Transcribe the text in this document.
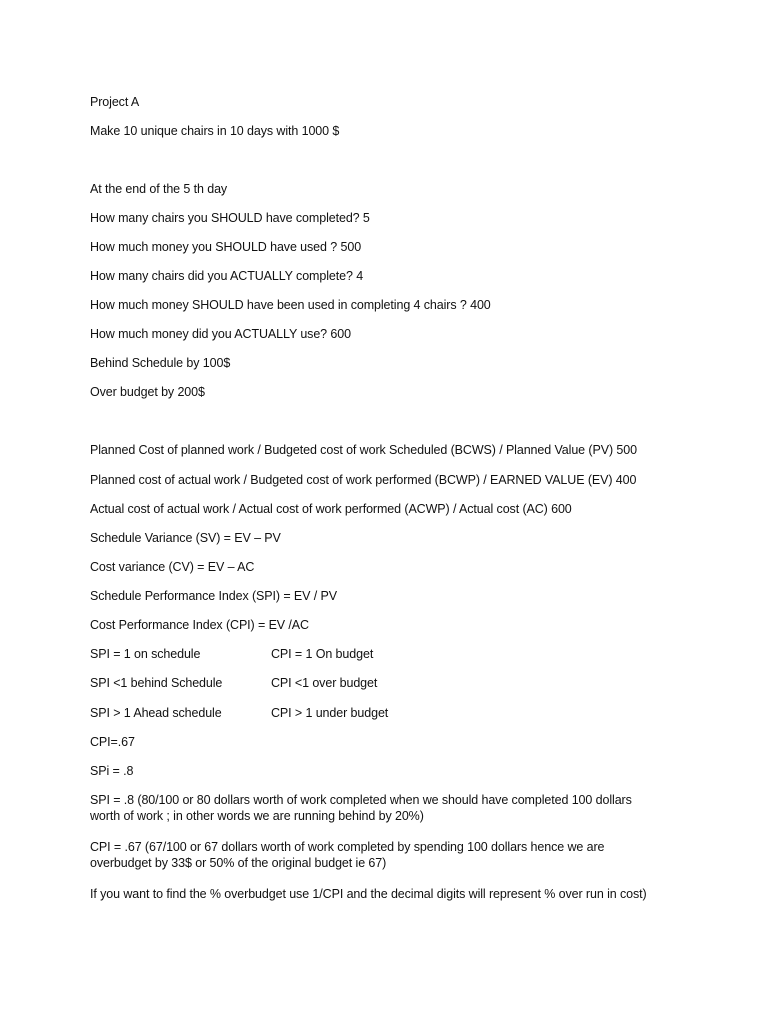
Project A
Make 10 unique chairs in 10 days with 1000 $
At the end of the 5 th day
How many chairs you SHOULD have completed? 5
How much money you SHOULD have used ? 500
How many chairs did you ACTUALLY complete? 4
How much money SHOULD have been used in completing 4 chairs ? 400
How much money did you ACTUALLY use? 600
Behind Schedule by 100$
Over budget by 200$
Planned Cost of planned work / Budgeted cost of work Scheduled (BCWS) / Planned Value (PV) 500
Planned cost of actual work / Budgeted cost of work performed (BCWP) / EARNED VALUE (EV) 400
Actual cost of actual work / Actual cost of work performed (ACWP) / Actual cost (AC) 600
Schedule Variance (SV) = EV – PV
Cost variance (CV) = EV – AC
Schedule Performance Index (SPI) = EV / PV
Cost Performance Index (CPI) = EV /AC
SPI = 1 on schedule	CPI = 1 On budget
SPI <1 behind Schedule	CPI <1 over budget
SPI > 1 Ahead schedule	CPI > 1 under budget
CPI=.67
SPi = .8
SPI = .8 (80/100 or 80 dollars worth of work completed when we should have completed 100 dollars worth of work ; in other words we are running behind by 20%)
CPI = .67 (67/100 or 67 dollars worth of work completed by spending 100 dollars hence we are overbudget by 33$ or 50% of the original budget ie 67)
If you want to find the % overbudget use 1/CPI and the decimal digits will represent % over run in cost)
